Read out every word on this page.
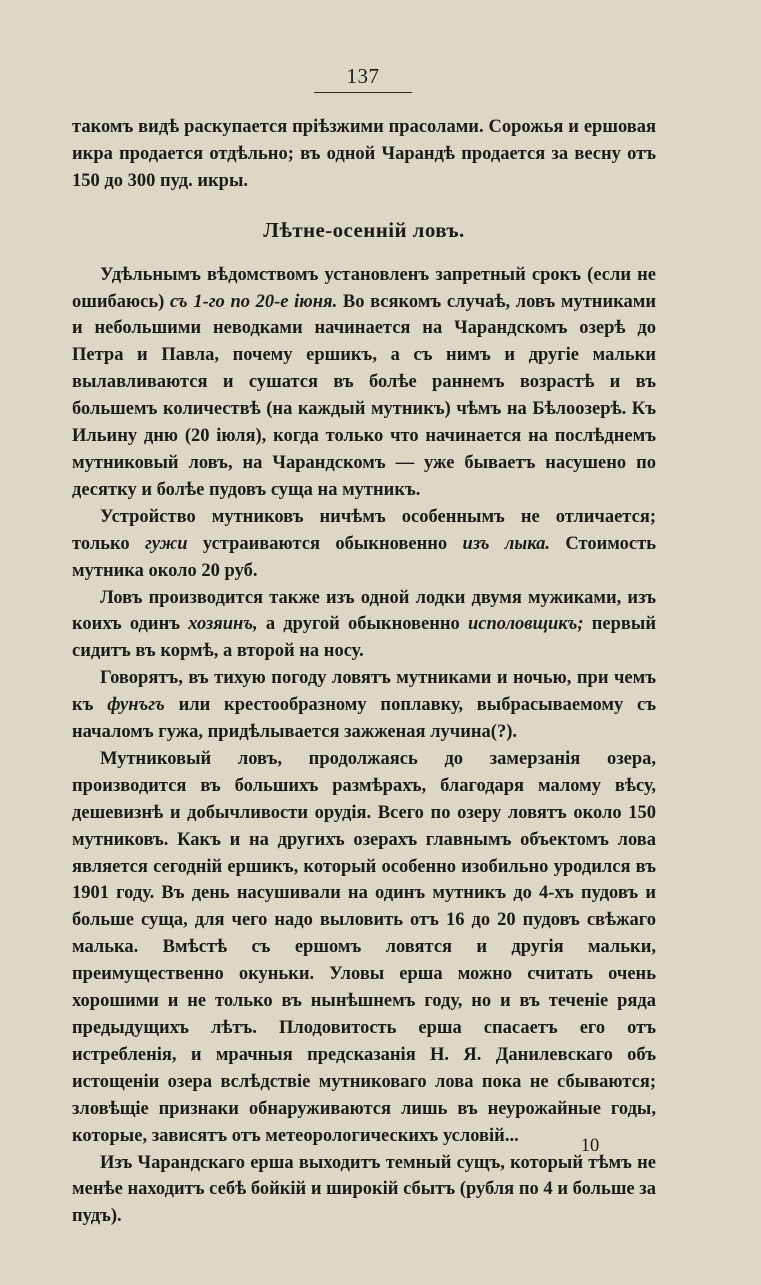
137

такомъ видѣ раскупается пріѣзжими прасолами. Сорожья и ершовая икра продается отдѣльно; въ одной Чарандѣ продается за весну отъ 150 до 300 пуд. икры.

Лѣтне-осенній ловъ.

Удѣльнымъ вѣдомствомъ установленъ запретный срокъ (если не ошибаюсь) съ 1-го по 20-е іюня. Во всякомъ случаѣ, ловъ мутниками и небольшими неводками начинается на Чарандскомъ озерѣ до Петра и Павла, почему ершикъ, а съ нимъ и другіе мальки вылавливаются и сушатся въ болѣе раннемъ возрастѣ и въ большемъ количествѣ (на каждый мутникъ) чѣмъ на Бѣлоозерѣ. Къ Ильину дню (20 іюля), когда только что начинается на послѣднемъ мутниковый ловъ, на Чарандскомъ — уже бываетъ насушено по десятку и болѣе пудовъ суща на мутникъ.

Устройство мутниковъ ничѣмъ особеннымъ не отличается; только гужи устраиваются обыкновенно изъ лыка. Стоимость мутника около 20 руб.

Ловъ производится также изъ одной лодки двумя мужиками, изъ коихъ одинъ хозяинъ, а другой обыкновенно исполовщикъ; первый сидитъ въ кормѣ, а второй на носу.

Говорятъ, въ тихую погоду ловятъ мутниками и ночью, при чемъ къ фунъгъ или крестообразному поплавку, выбрасываемому съ началомъ гужа, придѣлывается зажженая лучина(?).

Мутниковый ловъ, продолжаясь до замерзанія озера, производится въ большихъ размѣрахъ, благодаря малому вѣсу, дешевизнѣ и добычливости орудія. Всего по озеру ловятъ около 150 мутниковъ. Какъ и на другихъ озерахъ главнымъ объектомъ лова является сегодній ершикъ, который особенно изобильно уродился въ 1901 году. Въ день насушивали на одинъ мутникъ до 4-хъ пудовъ и больше суща, для чего надо выловить отъ 16 до 20 пудовъ свѣжаго малька. Вмѣстѣ съ ершомъ ловятся и другія мальки, преимущественно окуньки. Уловы ерша можно считать очень хорошими и не только въ нынѣшнемъ году, но и въ теченіе ряда предыдущихъ лѣтъ. Плодовитость ерша спасаетъ его отъ истребленія, и мрачныя предсказанія Н. Я. Данилевскаго объ истощеніи озера вслѣдствіе мутниковаго лова пока не сбываются; зловѣщіе признаки обнаруживаются лишь въ неурожайные годы, которые, зависятъ отъ метеорологическихъ условій...

Изъ Чарандскаго ерша выходитъ темный сущъ, который тѣмъ не менѣе находитъ себѣ бойкій и широкій сбытъ (рубля по 4 и больше за пудъ).

10
